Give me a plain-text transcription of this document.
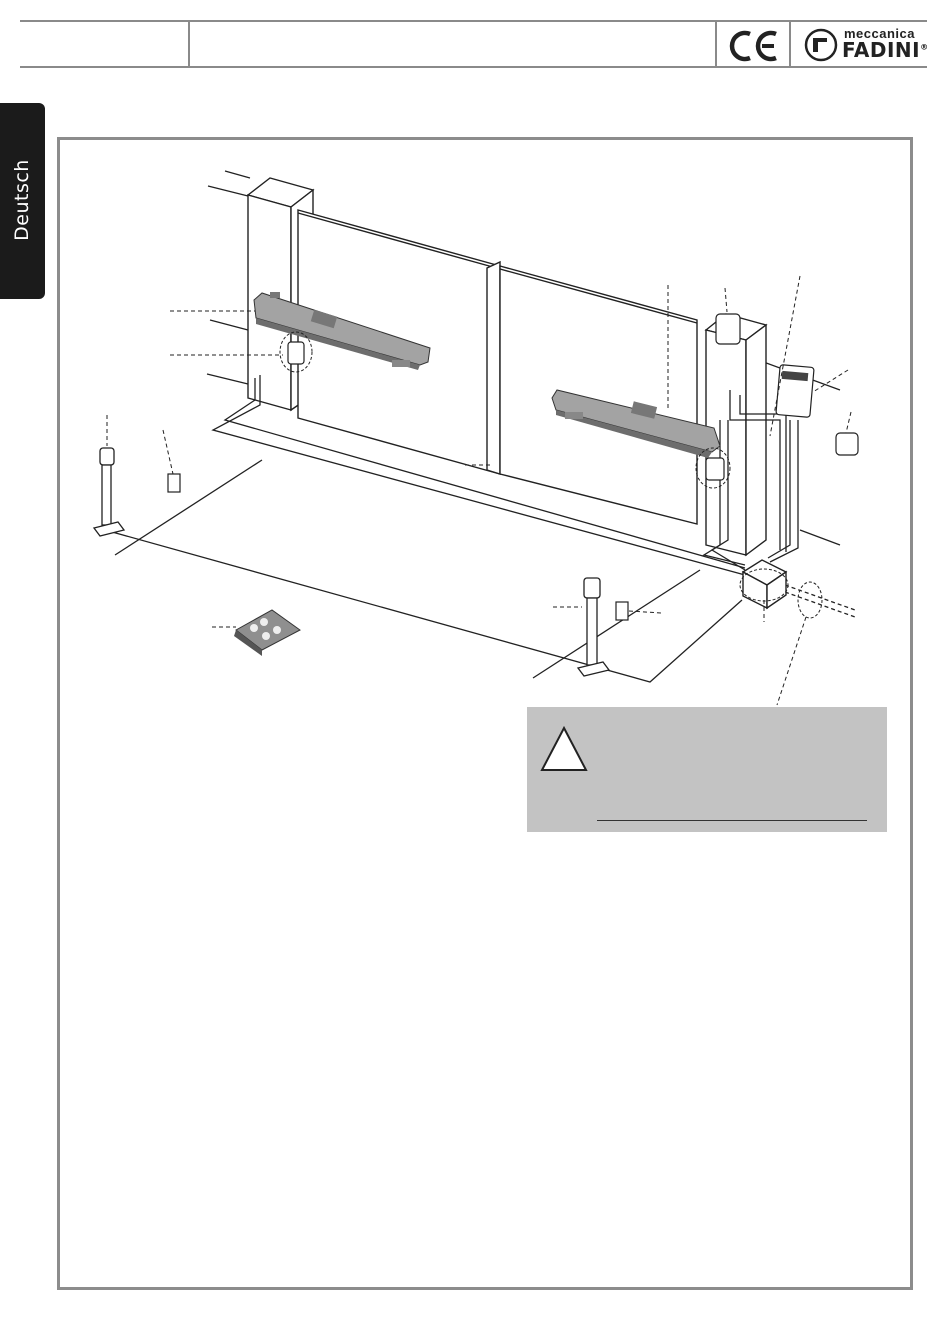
meccanica
FADINI®
Deutsch
